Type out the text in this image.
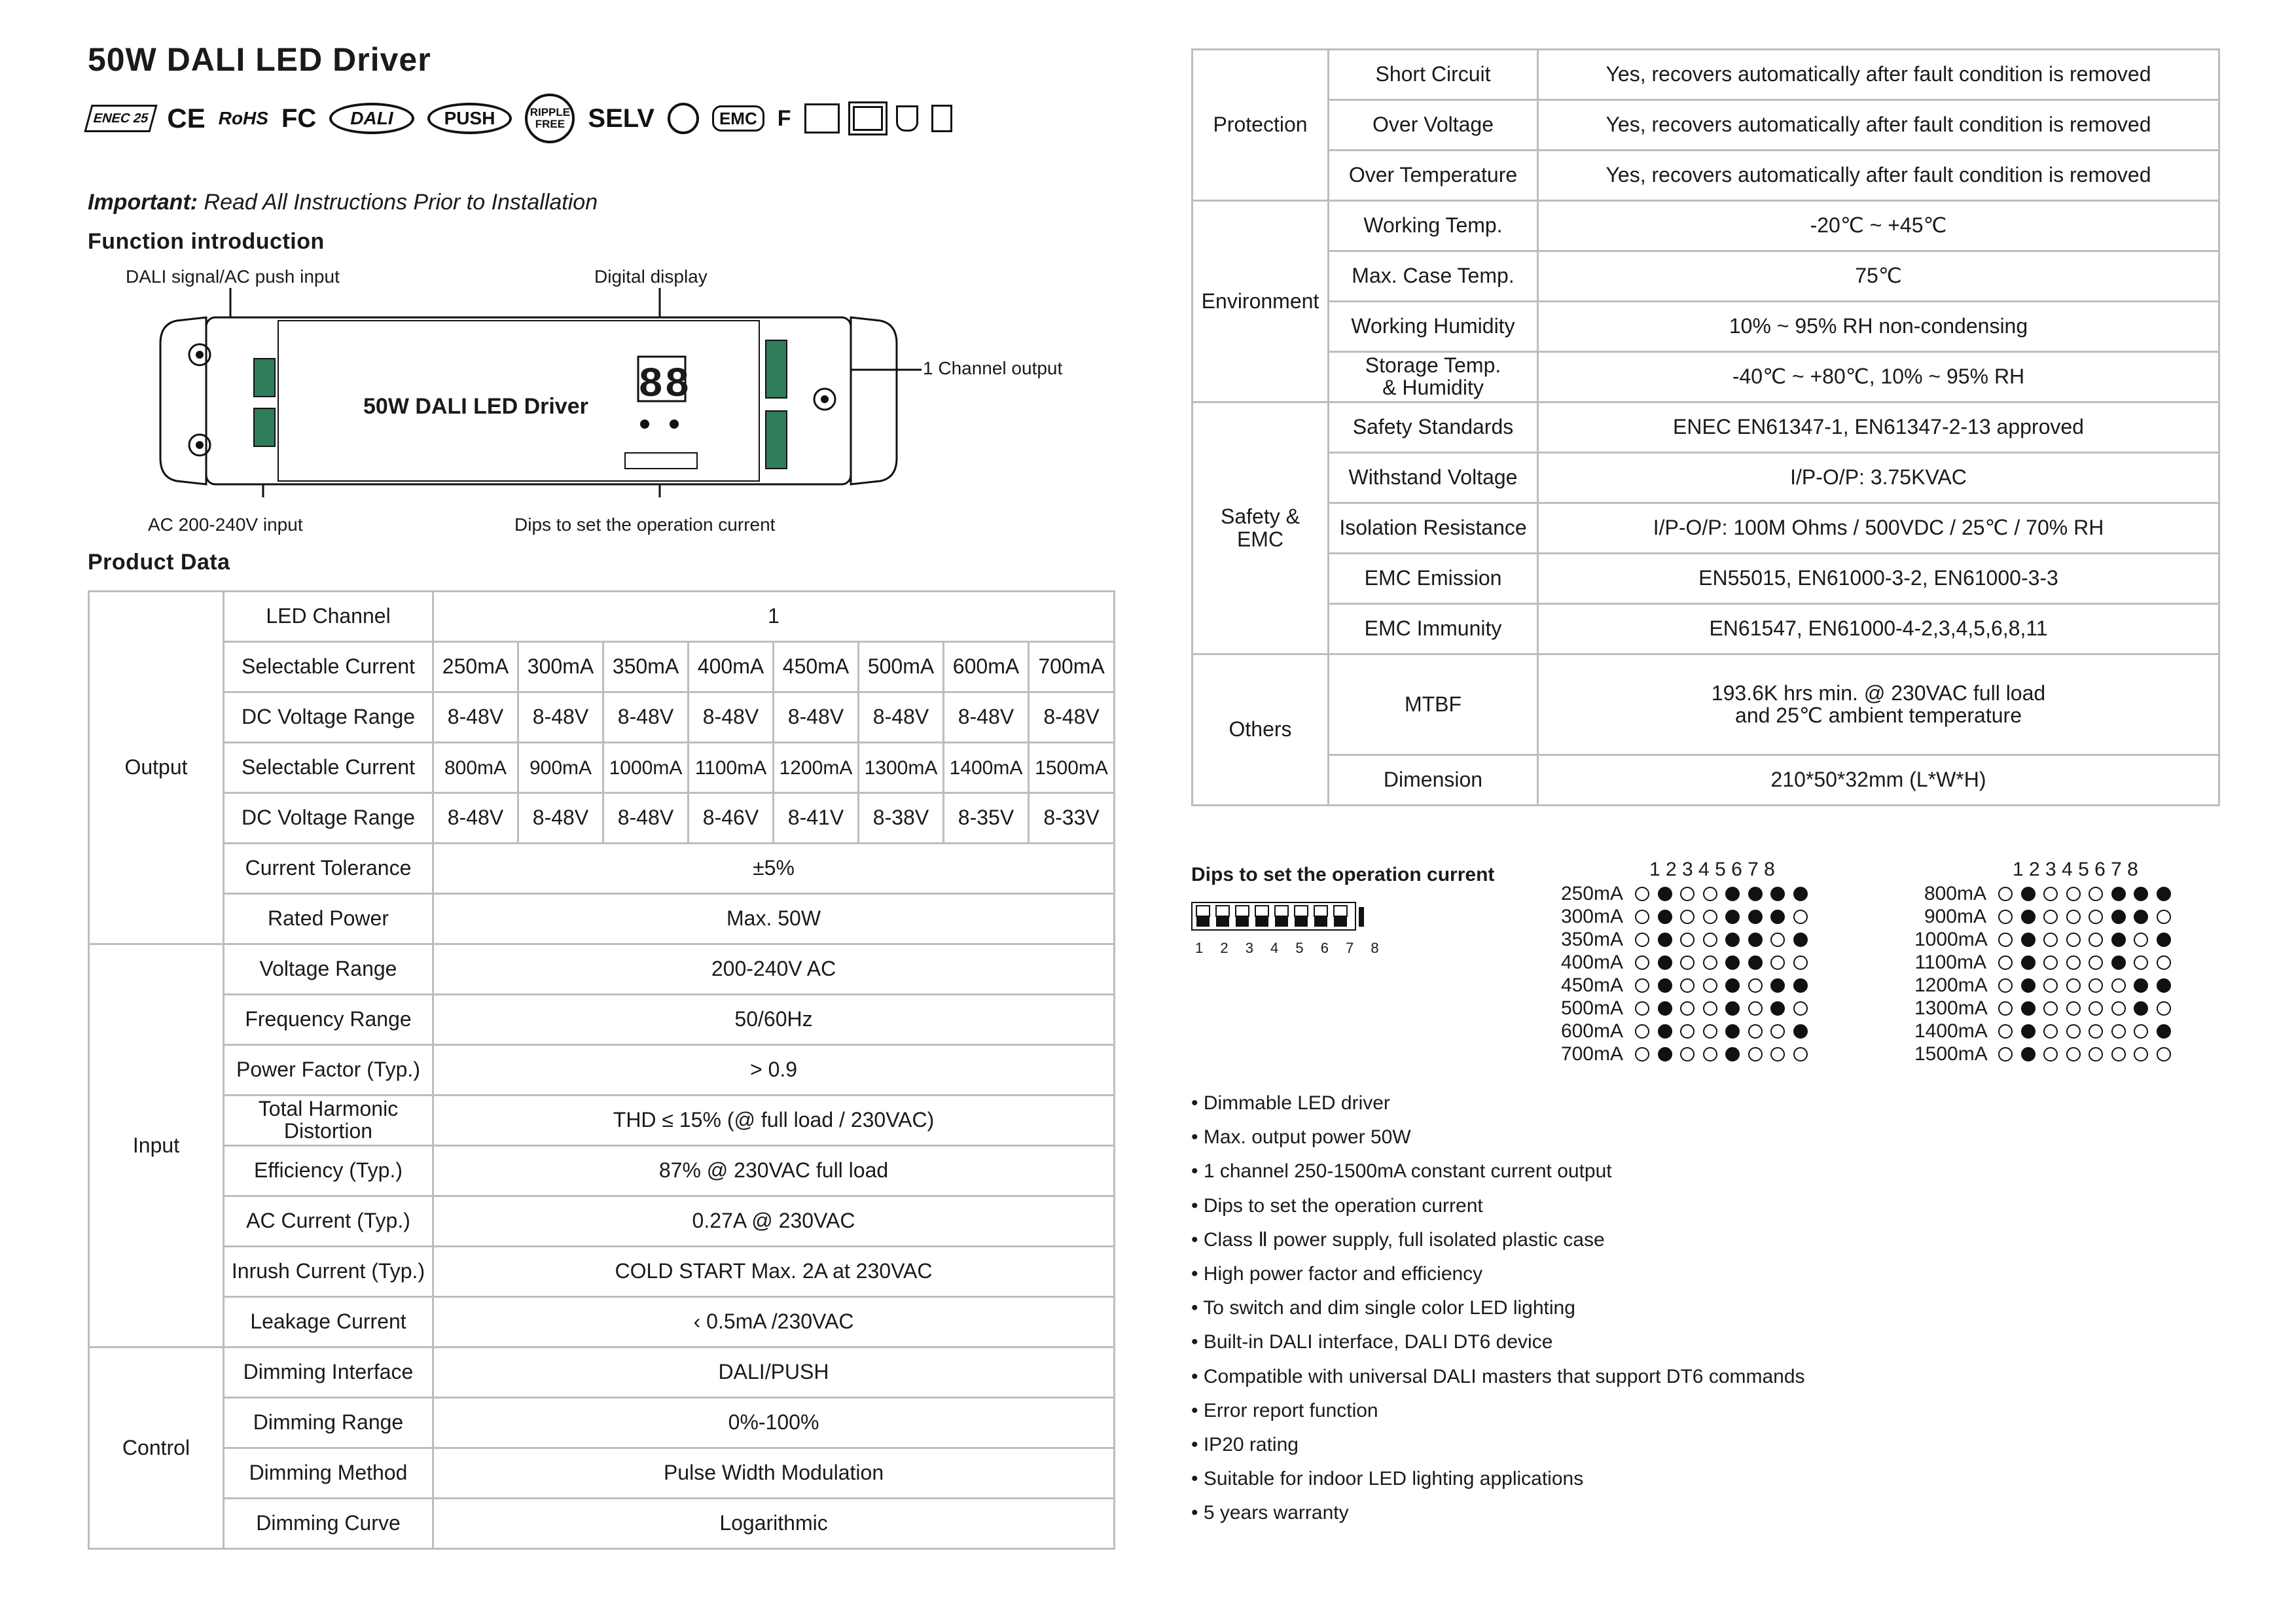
50W DALI LED Driver
ENEC 25 CE RoHS FC	DALI	PUSH	RIPPLE FREE SELV	EMC F
Important: Read All Instructions Prior to Installation
Function introduction
DALI signal/AC push input	Digital display
1 Channel output
AC 200-240V input	Dips to set the operation current
88
50W DALI LED Driver
Product Data
Output	LED Channel	1							
	Selectable Current	250mA	300mA	350mA	400mA	450mA	500mA	600mA	700mA
	DC Voltage Range	8-48V	8-48V	8-48V	8-48V	8-48V	8-48V	8-48V	8-48V
	Selectable Current	800mA	900mA	1000mA	1100mA	1200mA	1300mA	1400mA	1500mA
	DC Voltage Range	8-48V	8-48V	8-48V	8-46V	8-41V	8-38V	8-35V	8-33V
	Current Tolerance	±5%							
	Rated Power	Max. 50W							
Input	Voltage Range	200-240V AC							
	Frequency Range	50/60Hz							
	Power Factor (Typ.)	> 0.9							
	Total Harmonic Distortion	THD ≤ 15% (@ full load / 230VAC)							
	Efficiency (Typ.)	87% @ 230VAC full load							
	AC Current (Typ.)	0.27A @ 230VAC							
	Inrush Current (Typ.)	COLD START Max. 2A at 230VAC							
	Leakage Current	‹ 0.5mA /230VAC							
Control	Dimming Interface	DALI/PUSH							
	Dimming Range	0%-100%							
	Dimming Method	Pulse Width Modulation							
	Dimming Curve	Logarithmic							
Protection	Short Circuit	Yes, recovers automatically after fault condition is removed
	Over Voltage	Yes, recovers automatically after fault condition is removed
	Over Temperature	Yes, recovers automatically after fault condition is removed
Environment	Working Temp.	-20℃ ~ +45℃
	Max. Case Temp.	75℃
	Working Humidity	10% ~ 95% RH non-condensing
	Storage Temp. & Humidity	-40℃ ~ +80℃, 10% ~ 95% RH
Safety & EMC	Safety Standards	ENEC EN61347-1, EN61347-2-13 approved
	Withstand Voltage	I/P-O/P: 3.75KVAC
	Isolation Resistance	I/P-O/P: 100M Ohms / 500VDC / 25℃ / 70% RH
	EMC Emission	EN55015, EN61000-3-2, EN61000-3-3
	EMC Immunity	EN61547, EN61000-4-2,3,4,5,6,8,11
Others	MTBF	193.6K hrs min. @ 230VAC full load and 25℃ ambient temperature
	Dimension	210*50*32mm (L*W*H)
Dips to set the operation current
1 2 3 4 5 6 7 8
1 2 3 4 5 6 7 8
250mA
300mA
350mA
400mA
450mA
500mA
600mA
700mA
1 2 3 4 5 6 7 8
800mA
900mA
1000mA
1100mA
1200mA
1300mA
1400mA
1500mA
• Dimmable LED driver
• Max. output power 50W
• 1 channel 250-1500mA constant current output
• Dips to set the operation current
• Class Ⅱ power supply, full isolated plastic case
• High power factor and efficiency
• To switch and dim single color LED lighting
• Built-in DALI interface, DALI DT6 device
• Compatible with universal DALI masters that support DT6 commands
• Error report function
• IP20 rating
• Suitable for indoor LED lighting applications
• 5 years warranty
